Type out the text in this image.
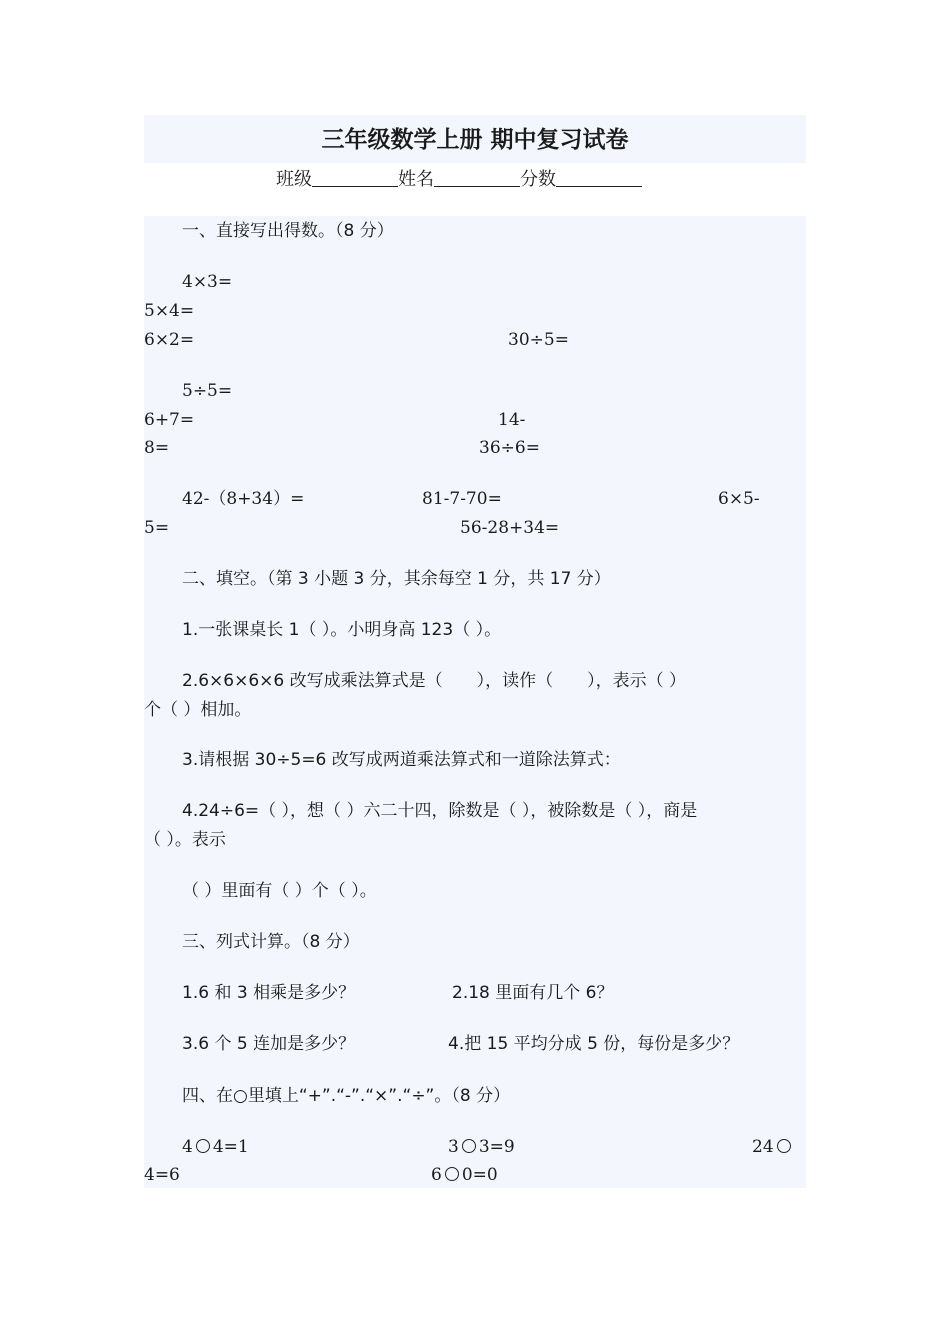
三年级数学上册 期中复习试卷
班级	姓名	分数
一、直接写出得数。（8 分）
4×3=
5×4=
6×2=	30÷5=
5÷5=
6+7=	14-
8=	36÷6=
42-（8+34）=	81-7-70=	6×5-
5=	56-28+34=
二、填空。（第 3 小题 3 分，其余每空 1 分，共 17 分）
1.一张课桌长 1（ ）。小明身高 123（ ）。
2.6×6×6×6 改写成乘法算式是（　　），读作（　　），表示（ ）
个（ ）相加。
3.请根据 30÷5=6 改写成两道乘法算式和一道除法算式：
4.24÷6=（ ），想（ ）六二十四，除数是（ ），被除数是（ ），商是
（ ）。表示
（ ）里面有（ ）个（ ）。
三、列式计算。（8 分）
1.6 和 3 相乘是多少？	2.18 里面有几个 6？
3.6 个 5 连加是多少？	4.把 15 平均分成 5 份，每份是多少？
四、在○里填上“+”.“-”.“×”.“÷”。（8 分）
4 4=1	3 3=9	24
4=6	6 0=0
